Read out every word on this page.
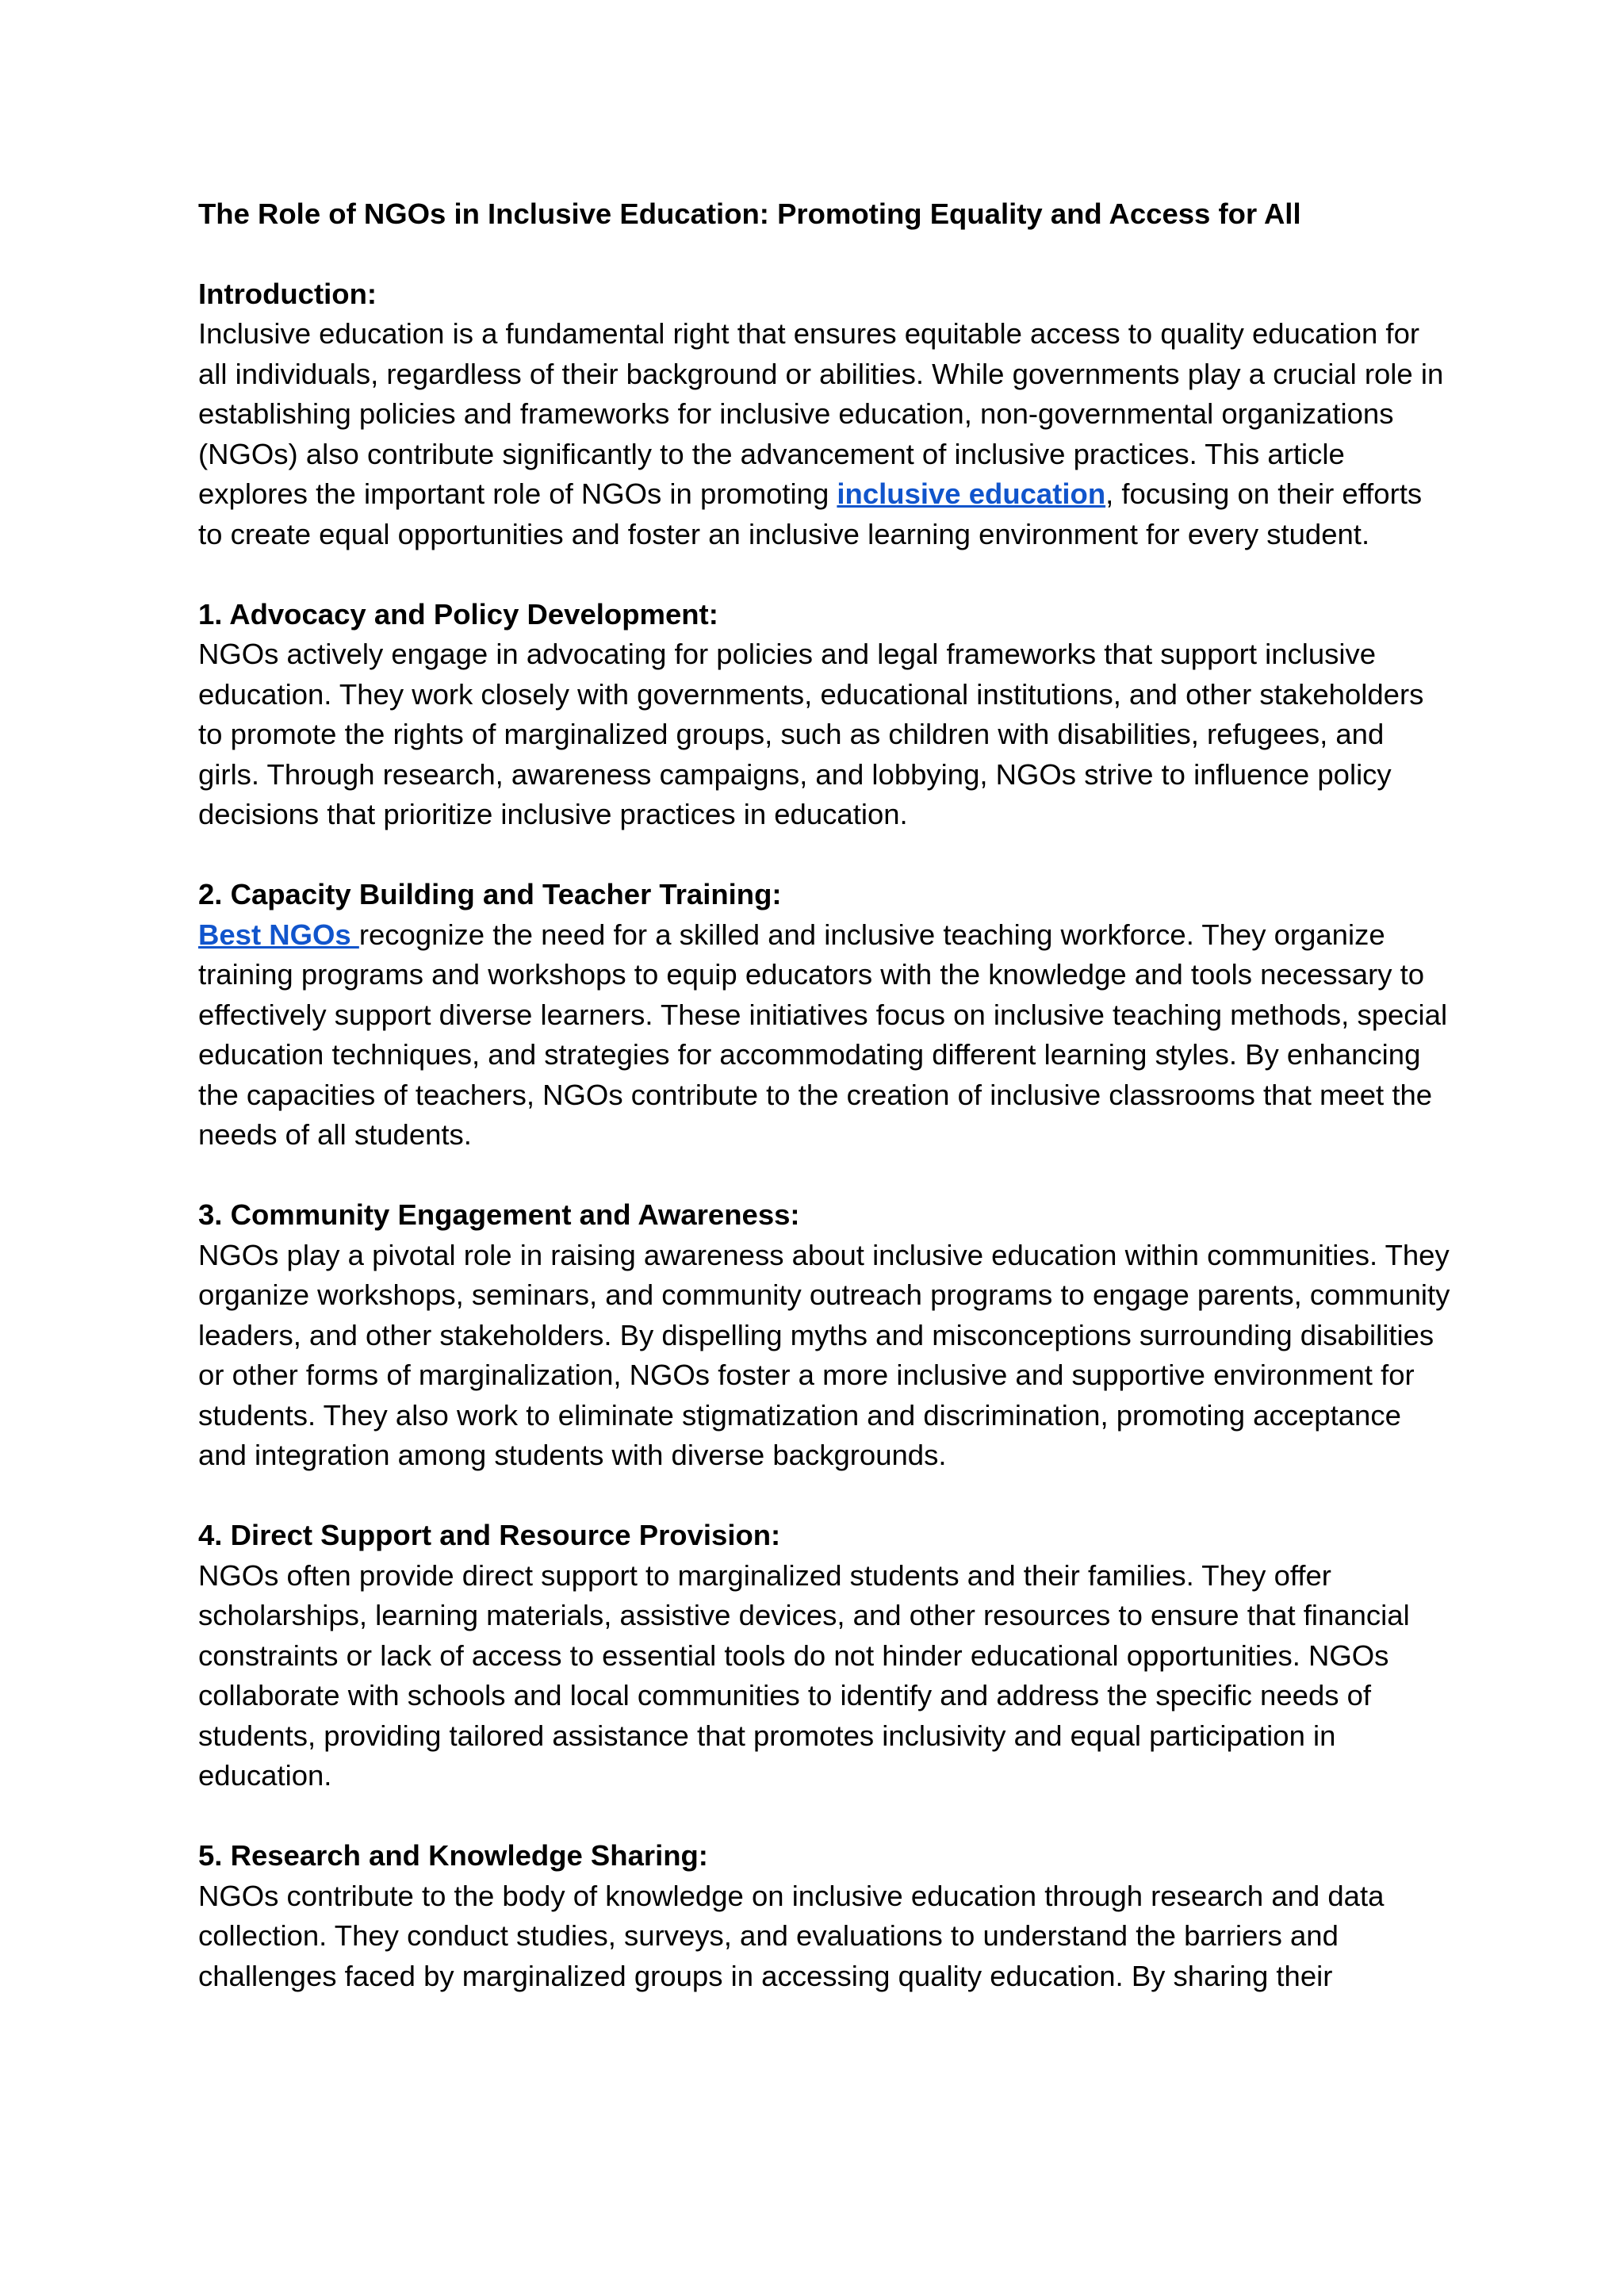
The Role of NGOs in Inclusive Education: Promoting Equality and Access for All

Introduction:

Inclusive education is a fundamental right that ensures equitable access to quality education for all individuals, regardless of their background or abilities. While governments play a crucial role in establishing policies and frameworks for inclusive education, non-governmental organizations (NGOs) also contribute significantly to the advancement of inclusive practices. This article explores the important role of NGOs in promoting inclusive education, focusing on their efforts to create equal opportunities and foster an inclusive learning environment for every student.

1. Advocacy and Policy Development:

NGOs actively engage in advocating for policies and legal frameworks that support inclusive education. They work closely with governments, educational institutions, and other stakeholders to promote the rights of marginalized groups, such as children with disabilities, refugees, and girls. Through research, awareness campaigns, and lobbying, NGOs strive to influence policy decisions that prioritize inclusive practices in education.

2. Capacity Building and Teacher Training:

Best NGOs recognize the need for a skilled and inclusive teaching workforce. They organize training programs and workshops to equip educators with the knowledge and tools necessary to effectively support diverse learners. These initiatives focus on inclusive teaching methods, special education techniques, and strategies for accommodating different learning styles. By enhancing the capacities of teachers, NGOs contribute to the creation of inclusive classrooms that meet the needs of all students.

3. Community Engagement and Awareness:

NGOs play a pivotal role in raising awareness about inclusive education within communities. They organize workshops, seminars, and community outreach programs to engage parents, community leaders, and other stakeholders. By dispelling myths and misconceptions surrounding disabilities or other forms of marginalization, NGOs foster a more inclusive and supportive environment for students. They also work to eliminate stigmatization and discrimination, promoting acceptance and integration among students with diverse backgrounds.

4. Direct Support and Resource Provision:

NGOs often provide direct support to marginalized students and their families. They offer scholarships, learning materials, assistive devices, and other resources to ensure that financial constraints or lack of access to essential tools do not hinder educational opportunities. NGOs collaborate with schools and local communities to identify and address the specific needs of students, providing tailored assistance that promotes inclusivity and equal participation in education.

5. Research and Knowledge Sharing:

NGOs contribute to the body of knowledge on inclusive education through research and data collection. They conduct studies, surveys, and evaluations to understand the barriers and challenges faced by marginalized groups in accessing quality education. By sharing their
